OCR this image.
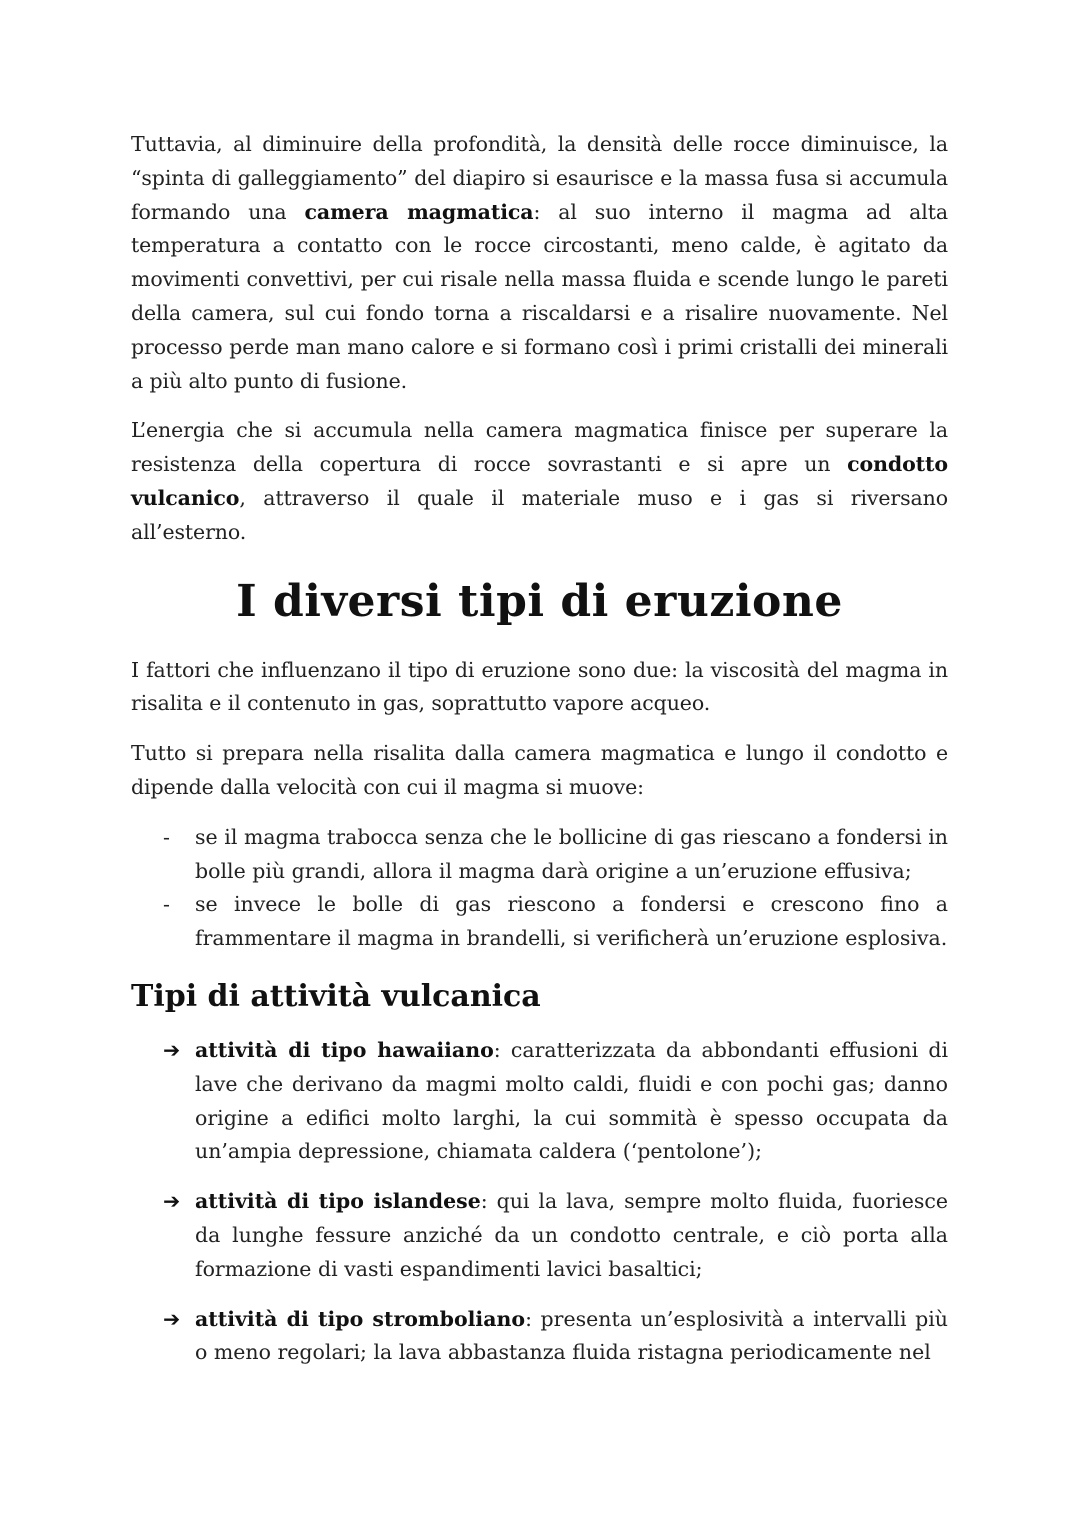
Tuttavia, al diminuire della profondità, la densità delle rocce diminuisce, la “spinta di galleggiamento” del diapiro si esaurisce e la massa fusa si accumula formando una camera magmatica: al suo interno il magma ad alta temperatura a contatto con le rocce circostanti, meno calde, è agitato da movimenti convettivi, per cui risale nella massa fluida e scende lungo le pareti della camera, sul cui fondo torna a riscaldarsi e a risalire nuovamente. Nel processo perde man mano calore e si formano così i primi cristalli dei minerali a più alto punto di fusione.

L’energia che si accumula nella camera magmatica finisce per superare la resistenza della copertura di rocce sovrastanti e si apre un condotto vulcanico, attraverso il quale il materiale muso e i gas si riversano all’esterno.

I diversi tipi di eruzione

I fattori che influenzano il tipo di eruzione sono due: la viscosità del magma in risalita e il contenuto in gas, soprattutto vapore acqueo.

Tutto si prepara nella risalita dalla camera magmatica e lungo il condotto e dipende dalla velocità con cui il magma si muove:

- se il magma trabocca senza che le bollicine di gas riescano a fondersi in bolle più grandi, allora il magma darà origine a un’eruzione effusiva;
- se invece le bolle di gas riescono a fondersi e crescono fino a frammentare il magma in brandelli, si verificherà un’eruzione esplosiva.
Tipi di attività vulcanica
➔ attività di tipo hawaiiano: caratterizzata da abbondanti effusioni di lave che derivano da magmi molto caldi, fluidi e con pochi gas; danno origine a edifici molto larghi, la cui sommità è spesso occupata da un’ampia depressione, chiamata caldera (‘pentolone’);
➔ attività di tipo islandese: qui la lava, sempre molto fluida, fuoriesce da lunghe fessure anziché da un condotto centrale, e ciò porta alla formazione di vasti espandimenti lavici basaltici;
➔ attività di tipo stromboliano: presenta un’esplosività a intervalli più o meno regolari; la lava abbastanza fluida ristagna periodicamente nel
